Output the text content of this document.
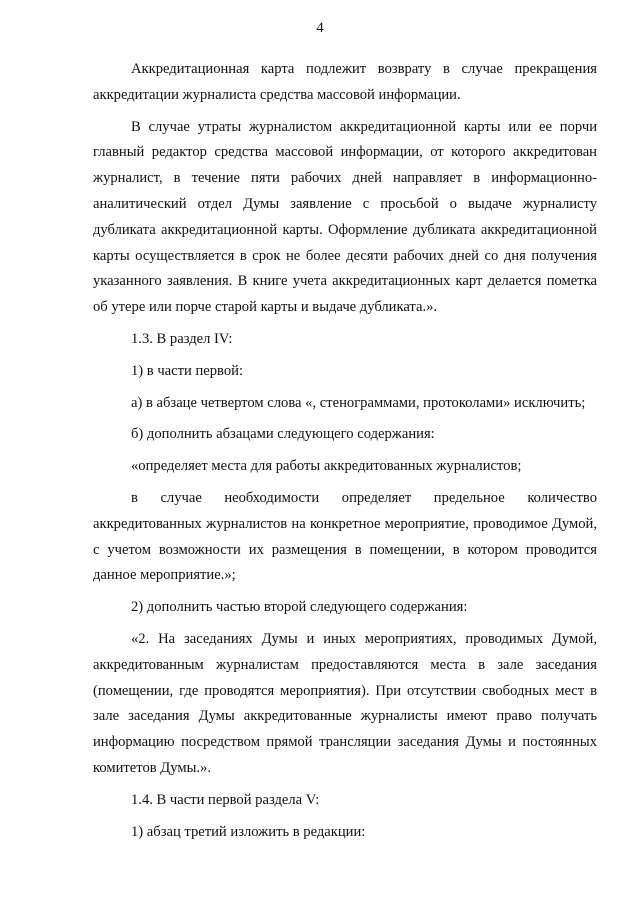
4

Аккредитационная карта подлежит возврату в случае прекращения аккредитации журналиста средства массовой информации.

В случае утраты журналистом аккредитационной карты или ее порчи главный редактор средства массовой информации, от которого аккредитован журналист, в течение пяти рабочих дней направляет в информационно-аналитический отдел Думы заявление с просьбой о выдаче журналисту дубликата аккредитационной карты. Оформление дубликата аккредитационной карты осуществляется в срок не более десяти рабочих дней со дня получения указанного заявления. В книге учета аккредитационных карт делается пометка об утере или порче старой карты и выдаче дубликата.».

1.3. В раздел IV:

1) в части первой:

а) в абзаце четвертом слова «, стенограммами, протоколами» исключить;

б) дополнить абзацами следующего содержания:

«определяет места для работы аккредитованных журналистов;

в случае необходимости определяет предельное количество аккредитованных журналистов на конкретное мероприятие, проводимое Думой, с учетом возможности их размещения в помещении, в котором проводится данное мероприятие.»;

2) дополнить частью второй следующего содержания:

«2. На заседаниях Думы и иных мероприятиях, проводимых Думой, аккредитованным журналистам предоставляются места в зале заседания (помещении, где проводятся мероприятия). При отсутствии свободных мест в зале заседания Думы аккредитованные журналисты имеют право получать информацию посредством прямой трансляции заседания Думы и постоянных комитетов Думы.».

1.4. В части первой раздела V:

1) абзац третий изложить в редакции:
